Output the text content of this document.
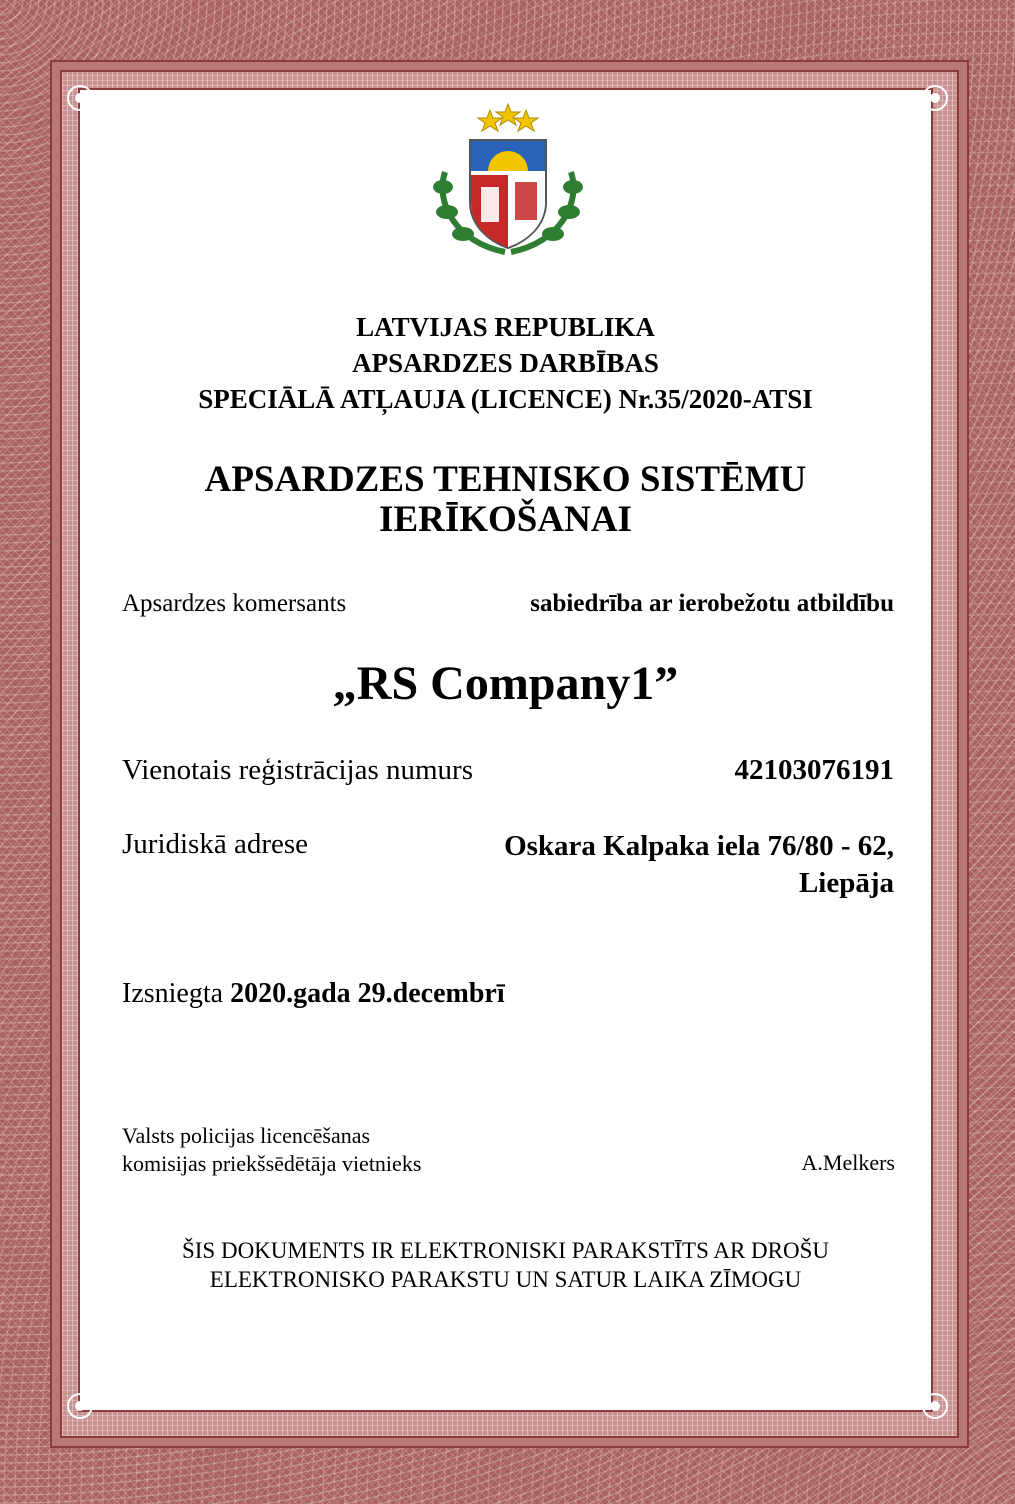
LATVIJAS REPUBLIKA
APSARDZES DARBĪBAS
SPECIĀLĀ ATĻAUJA (LICENCE) Nr.35/2020-ATSI
APSARDZES TEHNISKO SISTĒMU
IERĪKOŠANAI
Apsardzes komersants	sabiedrība ar ierobežotu atbildību
„RS Company1”
Vienotais reģistrācijas numurs	42103076191
Juridiskā adrese	Oskara Kalpaka iela 76/80 - 62,
Liepāja
Izsniegta 2020.gada 29.decembrī
Valsts policijas licencēšanas
komisijas priekšsēdētāja vietnieks	A.Melkers
ŠIS DOKUMENTS IR ELEKTRONISKI PARAKSTĪTS AR DROŠU
ELEKTRONISKO PARAKSTU UN SATUR LAIKA ZĪMOGU
